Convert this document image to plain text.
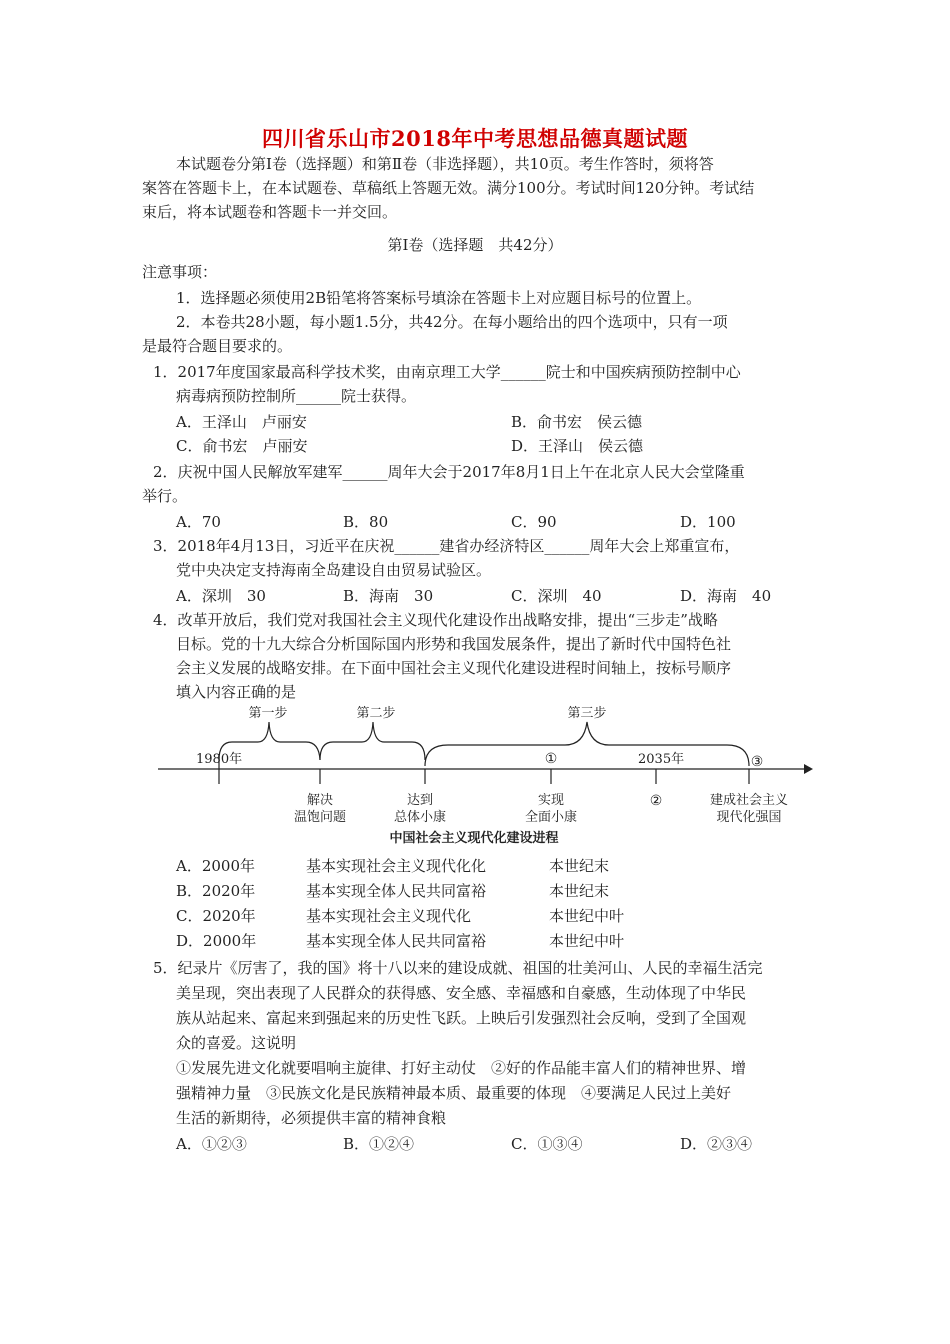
四川省乐山市2018年中考思想品德真题试题
本试题卷分第Ⅰ卷（选择题）和第Ⅱ卷（非选择题），共10页。考生作答时，须将答
案答在答题卡上，在本试题卷、草稿纸上答题无效。满分100分。考试时间120分钟。考试结
束后，将本试题卷和答题卡一并交回。
第Ⅰ卷（选择题　共42分）
注意事项：
1．选择题必须使用2B铅笔将答案标号填涂在答题卡上对应题目标号的位置上。
2．本卷共28小题，每小题1.5分，共42分。在每小题给出的四个选项中，只有一项
是最符合题目要求的。
1．2017年度国家最高科学技术奖，由南京理工大学______院士和中国疾病预防控制中心
病毒病预防控制所______院士获得。
A．王泽山　卢丽安	B．俞书宏　侯云德
C．俞书宏　卢丽安	D．王泽山　侯云德
2．庆祝中国人民解放军建军______周年大会于2017年8月1日上午在北京人民大会堂隆重
举行。
A．70	B．80	C．90	D．100
3．2018年4月13日，习近平在庆祝______建省办经济特区______周年大会上郑重宣布，
党中央决定支持海南全岛建设自由贸易试验区。
A．深圳　30	B．海南　30	C．深圳　40	D．海南　40
4．改革开放后，我们党对我国社会主义现代化建设作出战略安排，提出“三步走”战略
目标。党的十九大综合分析国际国内形势和我国发展条件，提出了新时代中国特色社
会主义发展的战略安排。在下面中国社会主义现代化建设进程时间轴上，按标号顺序
填入内容正确的是
第一步	第二步	第三步
1980年	2035年
①
②
③
解决
温饱问题
达到
总体小康
实现
全面小康
建成社会主义
现代化强国
中国社会主义现代化建设进程
A．2000年	基本实现社会主义现代化化	本世纪末
B．2020年	基本实现全体人民共同富裕	本世纪末
C．2020年	基本实现社会主义现代化	本世纪中叶
D．2000年	基本实现全体人民共同富裕	本世纪中叶
5．纪录片《厉害了，我的国》将十八以来的建设成就、祖国的壮美河山、人民的幸福生活完
美呈现，突出表现了人民群众的获得感、安全感、幸福感和自豪感，生动体现了中华民
族从站起来、富起来到强起来的历史性飞跃。上映后引发强烈社会反响，受到了全国观
众的喜爱。这说明
①发展先进文化就要唱响主旋律、打好主动仗　②好的作品能丰富人们的精神世界、增
强精神力量　③民族文化是民族精神最本质、最重要的体现　④要满足人民过上美好
生活的新期待，必须提供丰富的精神食粮
A．①②③	B．①②④	C．①③④	D．②③④
